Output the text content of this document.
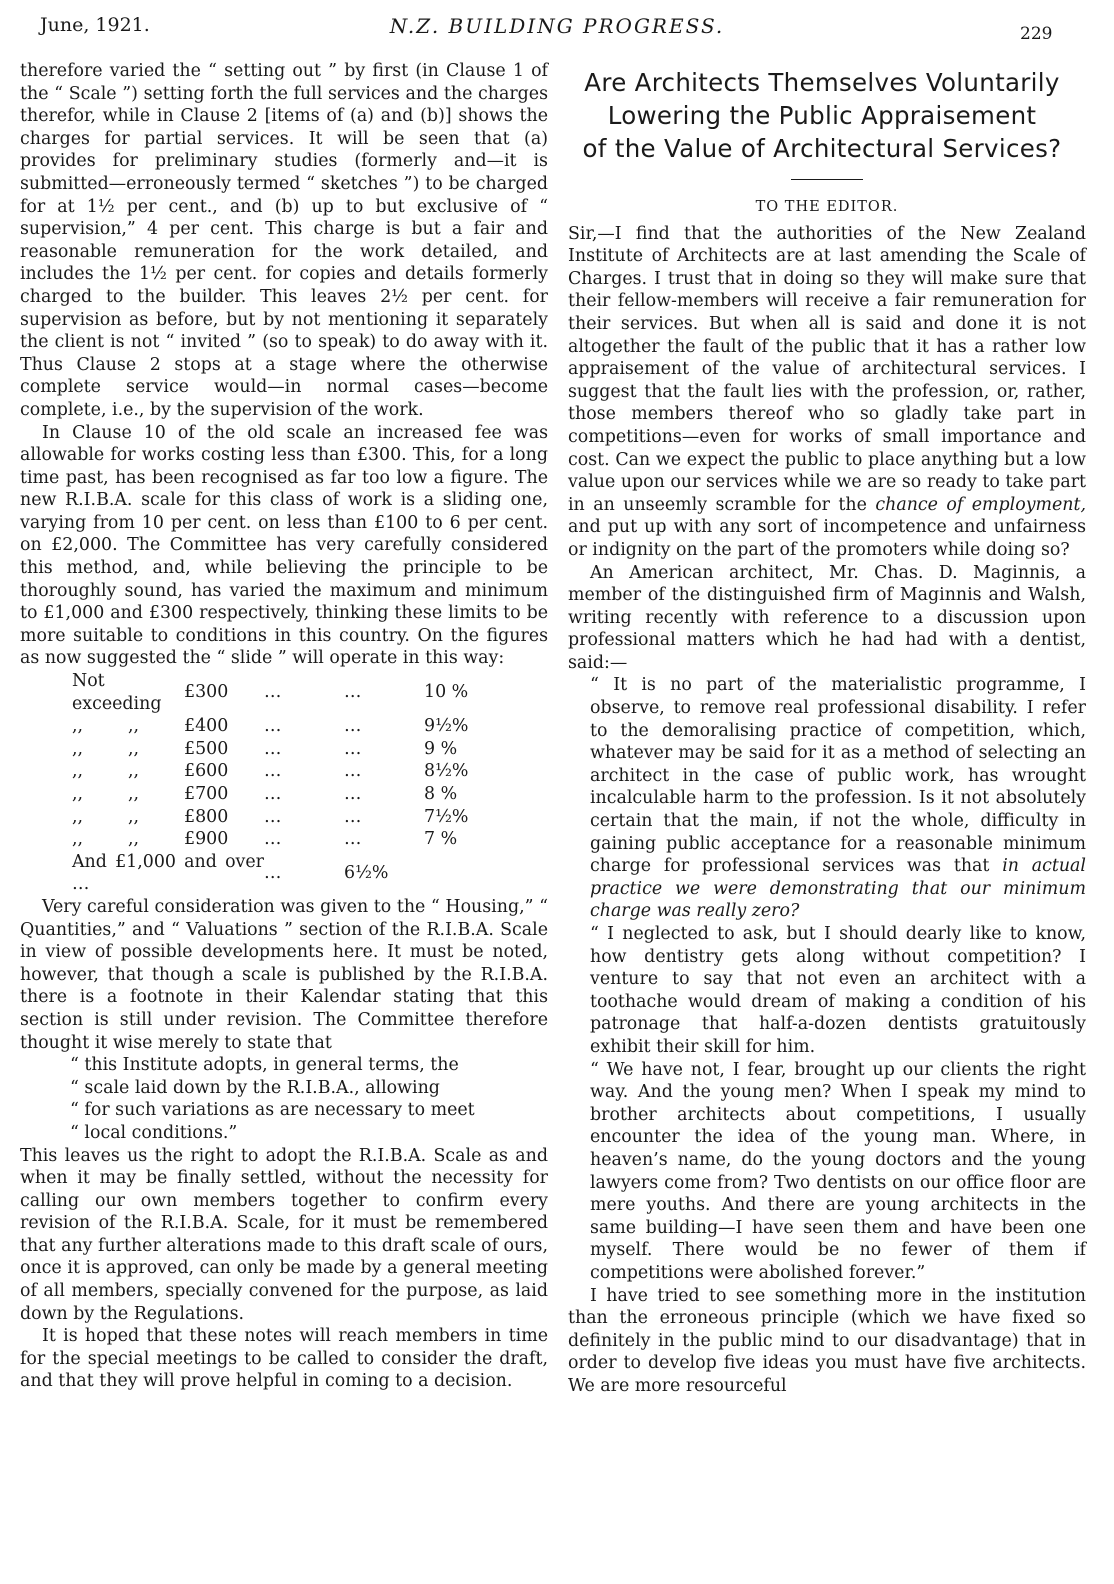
June, 1921.	N.Z. BUILDING PROGRESS.	229

therefore varied the “ setting out ” by first (in Clause 1 of the “ Scale ”) setting forth the full services and the charges therefor, while in Clause 2 [items of (a) and (b)] shows the charges for partial services. It will be seen that (a) provides for preliminary studies (formerly and—it is submitted—erroneously termed “ sketches ”) to be charged for at 1½ per cent., and (b) up to but exclusive of “ supervision,” 4 per cent. This charge is but a fair and reasonable remuneration for the work detailed, and includes the 1½ per cent. for copies and details formerly charged to the builder. This leaves 2½ per cent. for supervision as before, but by not mentioning it separately the client is not “ invited ” (so to speak) to do away with it. Thus Clause 2 stops at a stage where the otherwise complete service would—in normal cases—become complete, i.e., by the supervision of the work.

In Clause 10 of the old scale an increased fee was allowable for works costing less than £300. This, for a long time past, has been recognised as far too low a figure. The new R.I.B.A. scale for this class of work is a sliding one, varying from 10 per cent. on less than £100 to 6 per cent. on £2,000. The Committee has very carefully considered this method, and, while believing the principle to be thoroughly sound, has varied the maximum and minimum to £1,000 and £300 respectively, thinking these limits to be more suitable to conditions in this country. On the figures as now suggested the “ slide ” will operate in this way:

Not exceeding		£300	…	…	10 %
,,	,,	£400	…	…	9½%
,,	,,	£500	…	…	9 %
,,	,,	£600	…	…	8½%
,,	,,	£700	…	…	8 %
,,	,,	£800	…	…	7½%
,,	,,	£900	…	…	7 %
And £1,000 and over …			…	6½%	

Very careful consideration was given to the “ Housing,” “ Quantities,” and “ Valuations ” section of the R.I.B.A. Scale in view of possible developments here. It must be noted, however, that though a scale is published by the R.I.B.A. there is a footnote in their Kalendar stating that this section is still under revision. The Committee therefore thought it wise merely to state that

“ this Institute adopts, in general terms, the
“ scale laid down by the R.I.B.A., allowing
“ for such variations as are necessary to meet
“ local conditions.”

This leaves us the right to adopt the R.I.B.A. Scale as and when it may be finally settled, without the necessity for calling our own members together to confirm every revision of the R.I.B.A. Scale, for it must be remembered that any further alterations made to this draft scale of ours, once it is approved, can only be made by a general meeting of all members, specially convened for the purpose, as laid down by the Regulations.

It is hoped that these notes will reach members in time for the special meetings to be called to consider the draft, and that they will prove helpful in coming to a decision.

Are Architects Themselves Voluntarily
Lowering the Public Appraisement
of the Value of Architectural Services?
TO THE EDITOR.

Sir,—I find that the authorities of the New Zealand Institute of Architects are at last amending the Scale of Charges. I trust that in doing so they will make sure that their fellow-members will receive a fair remuneration for their services. But when all is said and done it is not altogether the fault of the public that it has a rather low appraisement of the value of architectural services. I suggest that the fault lies with the profession, or, rather, those members thereof who so gladly take part in competitions—even for works of small importance and cost. Can we expect the public to place anything but a low value upon our services while we are so ready to take part in an unseemly scramble for the chance of employment, and put up with any sort of incompetence and unfairness or indignity on the part of the promoters while doing so?

An American architect, Mr. Chas. D. Maginnis, a member of the distinguished firm of Maginnis and Walsh, writing recently with reference to a discussion upon professional matters which he had had with a dentist, said:—

“ It is no part of the materialistic programme, I observe, to remove real professional disability. I refer to the demoralising practice of competition, which, whatever may be said for it as a method of selecting an architect in the case of public work, has wrought incalculable harm to the profession. Is it not absolutely certain that the main, if not the whole, difficulty in gaining public acceptance for a reasonable minimum charge for professional services was that in actual practice we were demonstrating that our minimum charge was really zero?

“ I neglected to ask, but I should dearly like to know, how dentistry gets along without competition? I venture to say that not even an architect with a toothache would dream of making a condition of his patronage that half-a-dozen dentists gratuitously exhibit their skill for him.

“ We have not, I fear, brought up our clients the right way. And the young men? When I speak my mind to brother architects about competitions, I usually encounter the idea of the young man. Where, in heaven’s name, do the young doctors and the young lawyers come from? Two dentists on our office floor are mere youths. And there are young architects in the same building—I have seen them and have been one myself. There would be no fewer of them if competitions were abolished forever.”

I have tried to see something more in the institution than the erroneous principle (which we have fixed so definitely in the public mind to our disadvantage) that in order to develop five ideas you must have five architects. We are more resourceful
